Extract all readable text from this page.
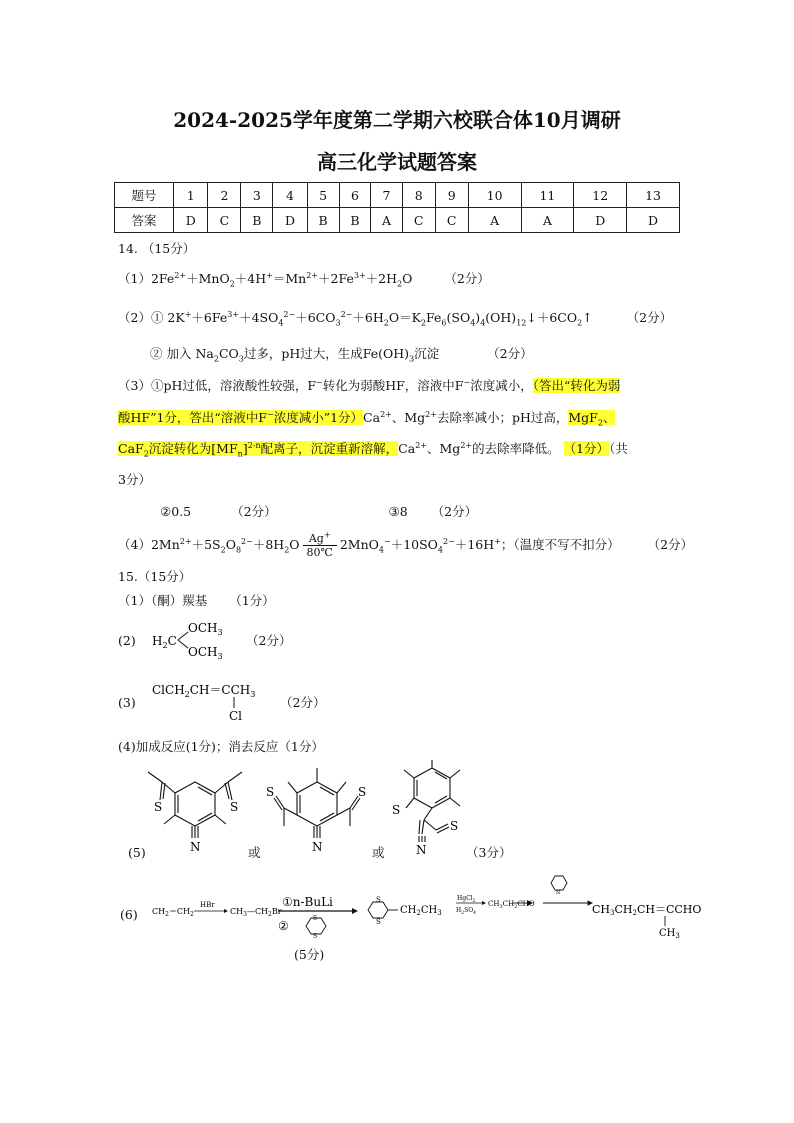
2024-2025学年度第二学期六校联合体10月调研
高三化学试题答案
题号	1	2	3	4	5	6	7	8	9	10	11	12	13
答案	D	C	B	D	B	B	A	C	C	A	A	D	D
14. （15分）
$(1)2Fe^{2+}+MnO_2+4H^+=Mn^{2+}+2Fe^{3+}+2H_2O$ （2分）
（2）① $2K^++6Fe^{3+}+4SO_4^{2-}+6CO_3^{2-}+6H_2O=K_2Fe_6(SO_4)_4(OH)_{12}↓+6CO_2↑$ （2分）
② 加入 $Na_2CO_3$过多，pH过大，生成$Fe(OH)_3$沉淀	（2分）
（3）①pH过低，溶液酸性较强，F−转化为弱酸HF，溶液中F−浓度减小，（答出“转化为弱
酸HF”1分，答出“溶液中F−浓度减小”1分）$Ca^{2+}$、$Mg^{2+}$去除率减小；pH过高，MgF$_2$、
CaF$_2$沉淀转化为$[MF_n]^{2-n}$配离子，沉淀重新溶解，$Ca^{2+}$、$Mg^{2+}$的去除率降低。 （1分）（共
3分）
②0.5	（2分）	③8 （2分）
$(4)2Mn^{2+}+5S_2O_8^{2-}+8H_2O \frac{Ag^+}{80℃} 2MnO_4^-+10SO_4^{2-}+16H^+$；（温度不写不扣分） （2分）
15.（15分）
（1）（酮）羰基 （1分）
(2) $H_2C$
$OCH_3$
$OCH_3$
（2分）
(3)
$ClCH_2CH=CCH_3$
Cl
（2分）
(4)加成反应(1分)；消去反应（1分）
S	S
N
S	S
N
S
S
N
(5)	或	或	（3分）
(6) $CH_2=CH_2$
HBr
$CH_3—CH_2Br$
①n-BuLi
②
S
S
S
S
$CH_2CH_3$
HgCl$_2$
$H_2SO_4$
$CH_3CH_2CHO$
N
CH3CH2CH＝CCHO
$CH_3$
(5分)
